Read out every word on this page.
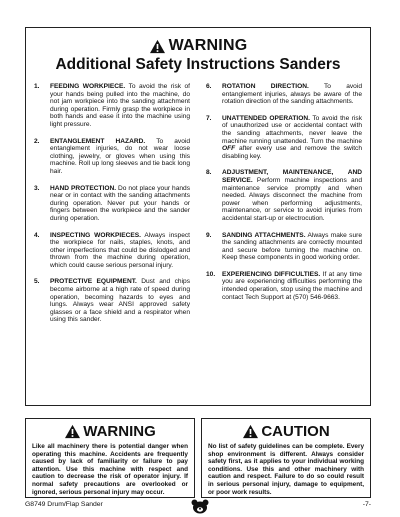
WARNING
Additional Safety Instructions Sanders
1.	FEEDING WORKPIECE. To avoid the risk of your hands being pulled into the machine, do not jam workpiece into the sanding attachment during operation. Firmly grasp the workpiece in both hands and ease it into the machine using light pressure.
2.	ENTANGLEMENT HAZARD. To avoid entanglement injuries, do not wear loose clothing, jewelry, or gloves when using this machine. Roll up long sleeves and tie back long hair.
3.	HAND PROTECTION. Do not place your hands near or in contact with the sanding attachments during operation. Never put your hands or fingers between the workpiece and the sander during operation.
4.	INSPECTING WORKPIECES. Always inspect the workpiece for nails, staples, knots, and other imperfections that could be dislodged and thrown from the machine during operation, which could cause serious personal injury.
5.	PROTECTIVE EQUIPMENT. Dust and chips become airborne at a high rate of speed during operation, becoming hazards to eyes and lungs. Always wear ANSI approved safety glasses or a face shield and a respirator when using this sander.
6.	ROTATION DIRECTION. To avoid entanglement injuries, always be aware of the rotation direction of the sanding attachments.
7.	UNATTENDED OPERATION. To avoid the risk of unauthorized use or accidental contact with the sanding attachments, never leave the machine running unattended. Turn the machine OFF after every use and remove the switch disabling key.
8.	ADJUSTMENT, MAINTENANCE, AND SERVICE. Perform machine inspections and maintenance service promptly and when needed. Always disconnect the machine from power when performing adjustments, maintenance, or service to avoid injuries from accidental start-up or electrocution.
9.	SANDING ATTACHMENTS. Always make sure the sanding attachments are correctly mounted and secure before turning the machine on. Keep these components in good working order.
10.	EXPERIENCING DIFFICULTIES. If at any time you are experiencing difficulties performing the intended operation, stop using the machine and contact Tech Support at (570) 546-9663.
WARNING
Like all machinery there is potential danger when operating this machine. Accidents are frequently caused by lack of familiarity or failure to pay attention. Use this machine with respect and caution to decrease the risk of operator injury. If normal safety precautions are overlooked or ignored, serious personal injury may occur.
CAUTION
No list of safety guidelines can be complete. Every shop environment is different. Always consider safety first, as it applies to your individual working conditions. Use this and other machinery with caution and respect. Failure to do so could result in serious personal injury, damage to equipment, or poor work results.
G8749 Drum/Flap Sander	-7-
